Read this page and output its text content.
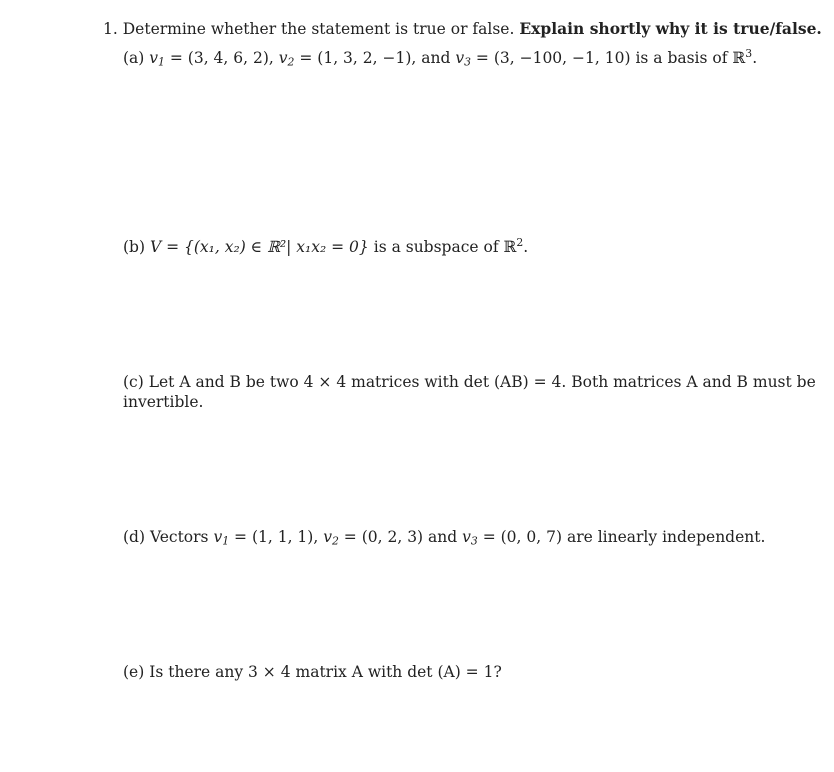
1. Determine whether the statement is true or false. Explain shortly why it is true/false.
(a) $v_1 = (3$, 4, 6, 2), $v_2 = (1$, 3, 2, −1), and $v_3 = (3$, −100, −1, 10) is a basis of ℝ$^3$.
(b) V = {(x₁, x₂) ∈ ℝ²| x₁x₂ = 0} is a subspace of ℝ$^2$.
(c) Let A and B be two 4 × 4 matrices with det (AB) = 4. Both matrices A and B must be
invertible.
(d) Vectors $v_1 = (1$, 1, 1), $v_2 = (0$, 2, 3) and $v_3 = (0$, 0, 7) are linearly independent.
(e) Is there any 3 × 4 matrix A with det (A) = 1?
